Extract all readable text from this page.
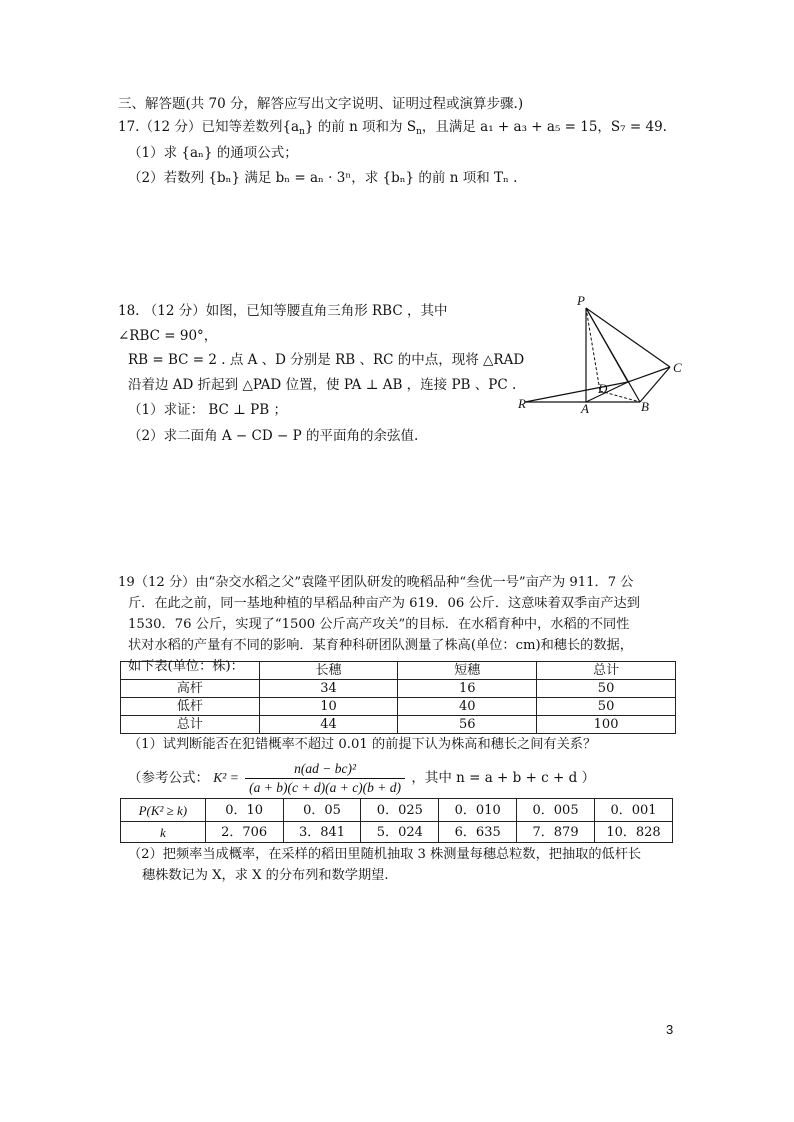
三、解答题(共 70 分，解答应写出文字说明、证明过程或演算步骤.)
17.（12 分）已知等差数列$\{a_n\}$ 的前 n 项和为 $S_n$，且满足 a₁ + a₃ + a₅ = 15，S₇ = 49.
（1）求 {aₙ} 的通项公式；
（2）若数列 {bₙ} 满足 bₙ = aₙ · 3ⁿ，求 {bₙ} 的前 n 项和 Tₙ .
18. （12 分）如图，已知等腰直角三角形 RBC ，其中
∠RBC = 90°，
RB = BC = 2 . 点 A 、D 分别是 RB 、RC 的中点，现将 △RAD
沿着边 AD 折起到 △PAD 位置，使 PA ⊥ AB ，连接 PB 、PC .
（1）求证： BC ⊥ PB ；
（2）求二面角 A − CD − P 的平面角的余弦值.
P
C
D
R	A	B
19（12 分）由“杂交水稻之父”袁隆平团队研发的晚稻品种“叁优一号”亩产为 911．7 公
斤．在此之前，同一基地种植的早稻品种亩产为 619．06 公斤．这意味着双季亩产达到
1530．76 公斤，实现了“1500 公斤高产攻关”的目标．在水稻育种中，水稻的不同性
状对水稻的产量有不同的影响．某育种科研团队测量了株高(单位：cm)和穗长的数据，
如下表(单位：株)：
		长穗	短穗	总计
高杆	34	16	50
低杆	10	40	50
总计	44	56	100
（1）试判断能否在犯错概率不超过 0.01 的前提下认为株高和穗长之间有关系？
（参考公式： $K^2 = \frac{\text{n(ad − bc)²}}{(a + b)(c + d)(a + c)(b + d)}$ ，其中 n = a + b + c + d ）
P(K² ≥ k)	0．10	0．05	0．025	0．010	0．005	0．001
k	2．706	3．841	5．024	6．635	7．879	10．828
（2）把频率当成概率，在采样的稻田里随机抽取 3 株测量每穗总粒数，把抽取的低杆长
穗株数记为 X，求 X 的分布列和数学期望.
3
